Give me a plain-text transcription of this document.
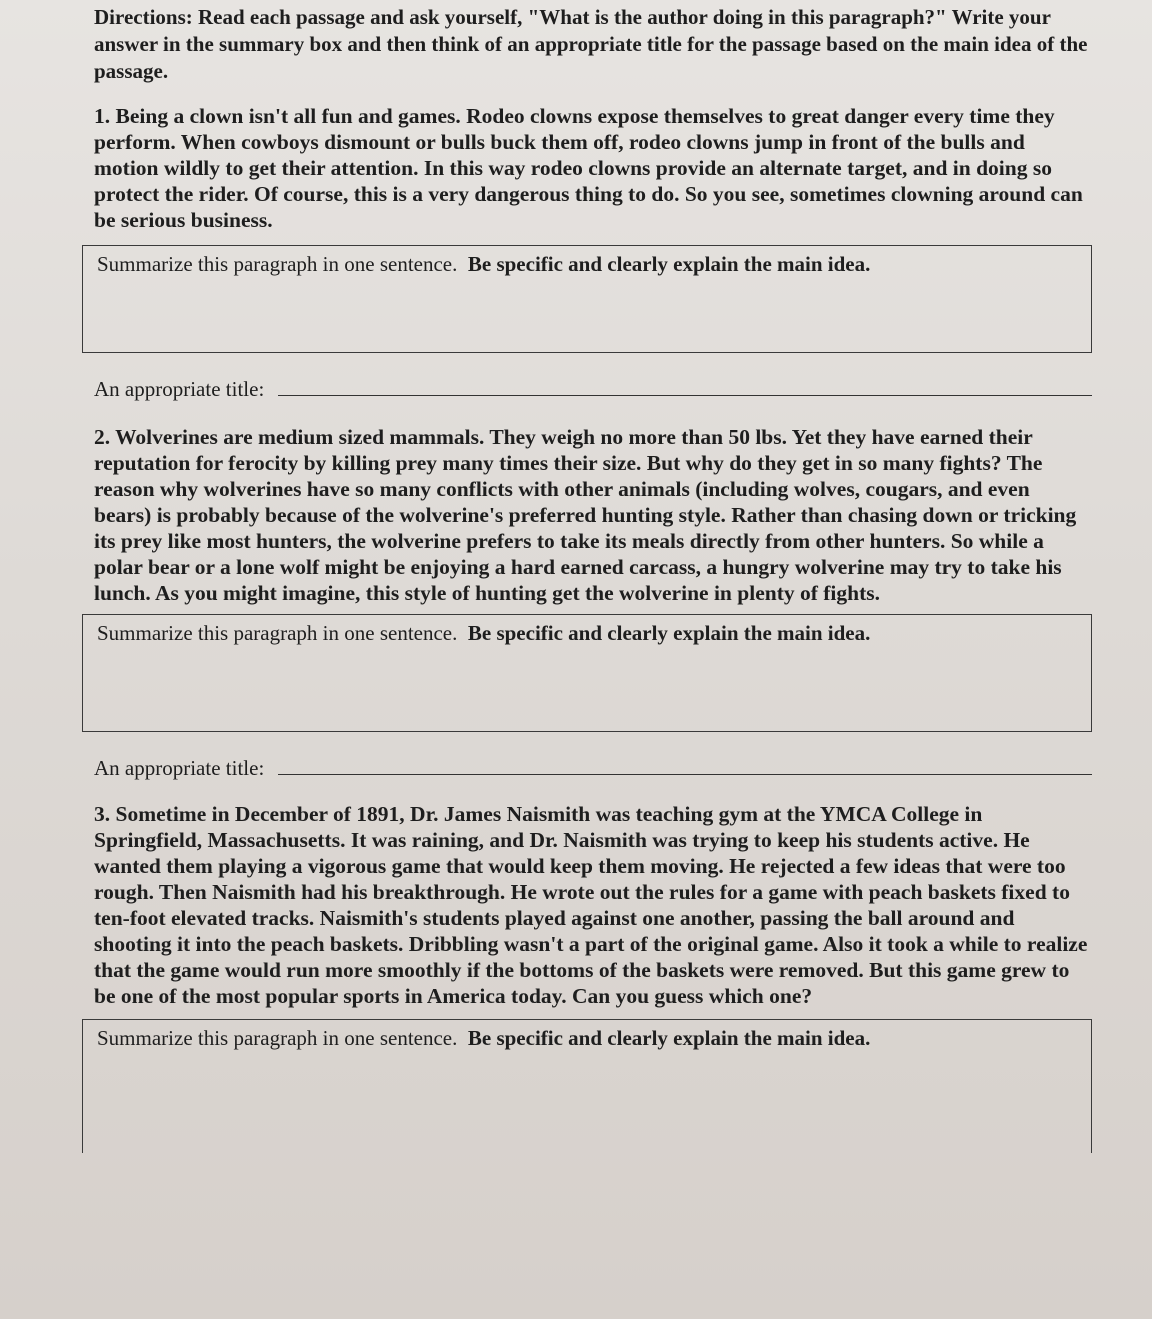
Directions: Read each passage and ask yourself, "What is the author doing in this paragraph?" Write your answer in the summary box and then think of an appropriate title for the passage based on the main idea of the passage.

1. Being a clown isn't all fun and games. Rodeo clowns expose themselves to great danger every time they perform. When cowboys dismount or bulls buck them off, rodeo clowns jump in front of the bulls and motion wildly to get their attention. In this way rodeo clowns provide an alternate target, and in doing so protect the rider. Of course, this is a very dangerous thing to do. So you see, sometimes clowning around can be serious business.

Summarize this paragraph in one sentence. Be specific and clearly explain the main idea.
An appropriate title:

2. Wolverines are medium sized mammals. They weigh no more than 50 lbs. Yet they have earned their reputation for ferocity by killing prey many times their size. But why do they get in so many fights? The reason why wolverines have so many conflicts with other animals (including wolves, cougars, and even bears) is probably because of the wolverine's preferred hunting style. Rather than chasing down or tricking its prey like most hunters, the wolverine prefers to take its meals directly from other hunters. So while a polar bear or a lone wolf might be enjoying a hard earned carcass, a hungry wolverine may try to take his lunch. As you might imagine, this style of hunting get the wolverine in plenty of fights.

Summarize this paragraph in one sentence. Be specific and clearly explain the main idea.
An appropriate title:

3. Sometime in December of 1891, Dr. James Naismith was teaching gym at the YMCA College in Springfield, Massachusetts. It was raining, and Dr. Naismith was trying to keep his students active. He wanted them playing a vigorous game that would keep them moving. He rejected a few ideas that were too rough. Then Naismith had his breakthrough. He wrote out the rules for a game with peach baskets fixed to ten-foot elevated tracks. Naismith's students played against one another, passing the ball around and shooting it into the peach baskets. Dribbling wasn't a part of the original game. Also it took a while to realize that the game would run more smoothly if the bottoms of the baskets were removed. But this game grew to be one of the most popular sports in America today. Can you guess which one?

Summarize this paragraph in one sentence. Be specific and clearly explain the main idea.
